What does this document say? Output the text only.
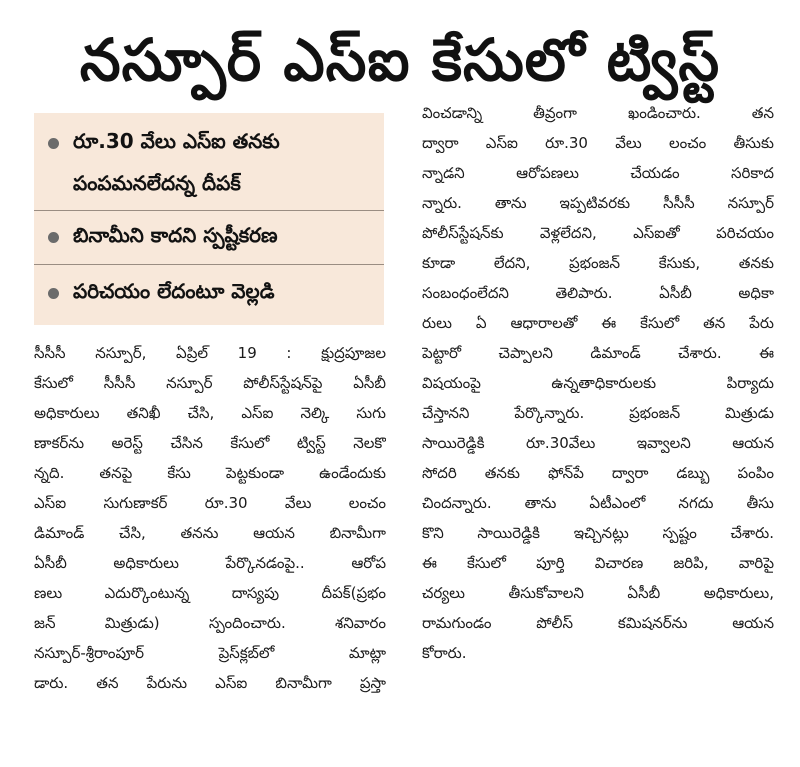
నస్పూర్ ఎస్ఐ కేసులో ట్విస్ట్
రూ.30 వేలు ఎస్ఐ తనకు
పంపమనలేదన్న దీపక్
బినామీని కాదని స్పష్టీకరణ
పరిచయం లేదంటూ వెల్లడి
సీసీసీ నస్పూర్, ఏప్రిల్ 19 : క్షుద్రపూజల
కేసులో సీసీసీ నస్పూర్ పోలీస్‌స్టేషన్‌పై ఏసీబీ
అధికారులు తనిఖీ చేసి, ఎస్ఐ నెల్కి సుగు
ణాకర్‌ను అరెస్ట్ చేసిన కేసులో ట్విస్ట్ నెలకొ
న్నది. తనపై కేసు పెట్టకుండా ఉండేందుకు
ఎస్ఐ సుగుణాకర్ రూ.30 వేలు లంచం
డిమాండ్ చేసి, తనను ఆయన బినామీగా
ఏసీబీ అధికారులు పేర్కొనడంపై.. ఆరోప
ణలు ఎదుర్కొంటున్న దాస్యపు దీపక్(ప్రభం
జన్ మిత్రుడు) స్పందించారు. శనివారం
నస్పూర్-శ్రీరాంపూర్ ప్రెస్‌క్లబ్‌లో మాట్లా
డారు. తన పేరును ఎస్ఐ బినామీగా ప్రస్తా
వించడాన్ని తీవ్రంగా ఖండించారు. తన
ద్వారా ఎస్ఐ రూ.30 వేలు లంచం తీసుకు
న్నాడని ఆరోపణలు చేయడం సరికాద
న్నారు. తాను ఇప్పటివరకు సీసీసీ నస్పూర్
పోలీస్‌స్టేషన్‌కు వెళ్లలేదని, ఎస్ఐతో పరిచయం
కూడా లేదని, ప్రభంజన్ కేసుకు, తనకు
సంబంధంలేదని తెలిపారు. ఏసీబీ అధికా
రులు ఏ ఆధారాలతో ఈ కేసులో తన పేరు
పెట్టారో చెప్పాలని డిమాండ్ చేశారు. ఈ
విషయంపై ఉన్నతాధికారులకు పిర్యాదు
చేస్తానని పేర్కొన్నారు. ప్రభంజన్ మిత్రుడు
సాయిరెడ్డికి రూ.30వేలు ఇవ్వాలని ఆయన
సోదరి తనకు ఫోన్‌పే ద్వారా డబ్బు పంపిం
చిందన్నారు. తాను ఏటీఎంలో నగదు తీసు
కొని సాయిరెడ్డికి ఇచ్చినట్లు స్పష్టం చేశారు.
ఈ కేసులో పూర్తి విచారణ జరిపి, వారిపై
చర్యలు తీసుకోవాలని ఏసీబీ అధికారులు,
రామగుండం పోలీస్ కమిషనర్‌ను ఆయన
కోరారు.
